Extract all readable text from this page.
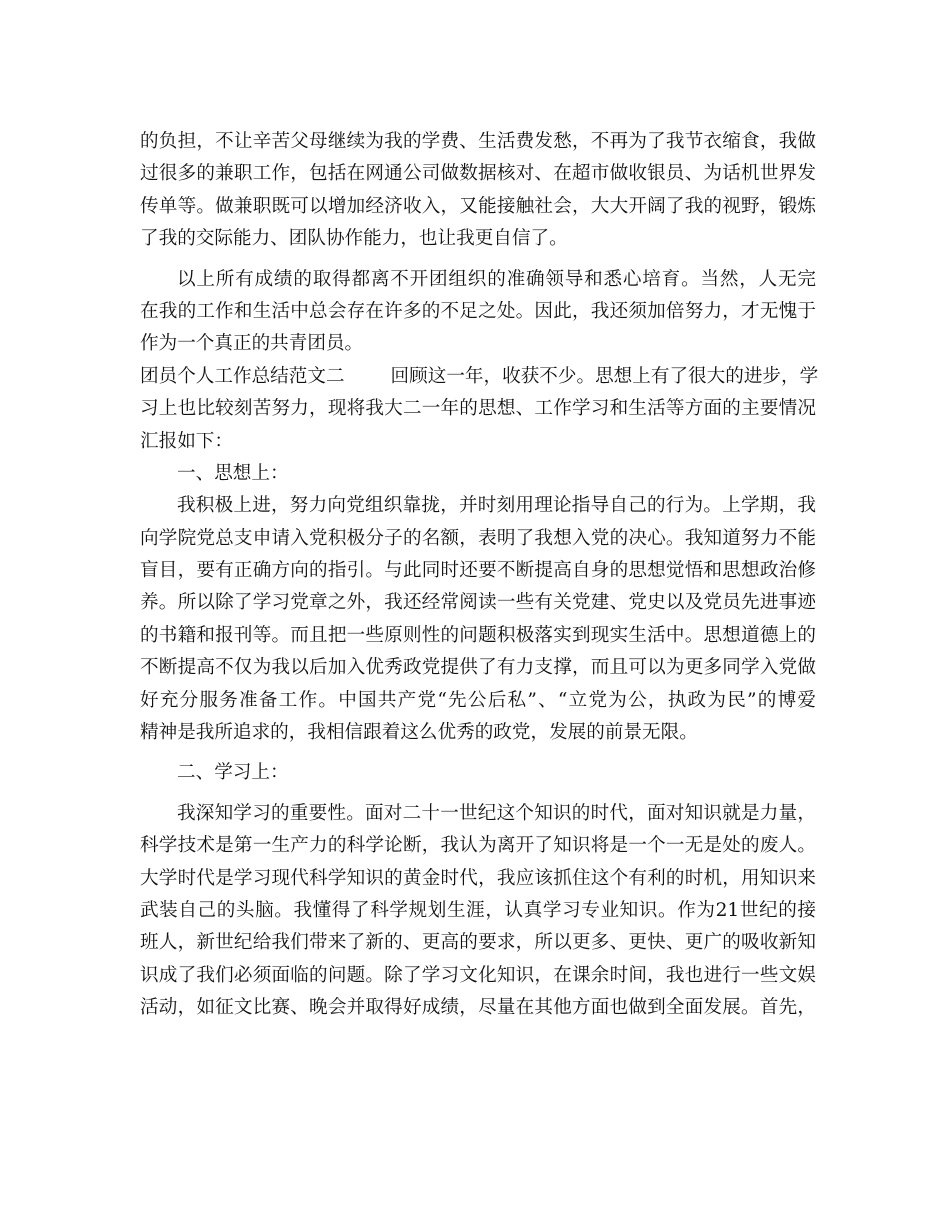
的负担，不让辛苦父母继续为我的学费、生活费发愁，不再为了我节衣缩食，我做
过很多的兼职工作，包括在网通公司做数据核对、在超市做收银员、为话机世界发
传单等。做兼职既可以增加经济收入，又能接触社会，大大开阔了我的视野，锻炼
了我的交际能力、团队协作能力，也让我更自信了。
以上所有成绩的取得都离不开团组织的准确领导和悉心培育。当然，人无完
在我的工作和生活中总会存在许多的不足之处。因此，我还须加倍努力，才无愧于
作为一个真正的共青团员。
团员个人工作总结范文二 回顾这一年，收获不少。思想上有了很大的进步，学
习上也比较刻苦努力，现将我大二一年的思想、工作学习和生活等方面的主要情况
汇报如下：
一、思想上：
我积极上进，努力向党组织靠拢，并时刻用理论指导自己的行为。上学期，我
向学院党总支申请入党积极分子的名额，表明了我想入党的决心。我知道努力不能
盲目，要有正确方向的指引。与此同时还要不断提高自身的思想觉悟和思想政治修
养。所以除了学习党章之外，我还经常阅读一些有关党建、党史以及党员先进事迹
的书籍和报刊等。而且把一些原则性的问题积极落实到现实生活中。思想道德上的
不断提高不仅为我以后加入优秀政党提供了有力支撑，而且可以为更多同学入党做
好充分服务准备工作。中国共产党“先公后私”、“立党为公，执政为民”的博爱
精神是我所追求的，我相信跟着这么优秀的政党，发展的前景无限。
二、学习上：
我深知学习的重要性。面对二十一世纪这个知识的时代，面对知识就是力量，
科学技术是第一生产力的科学论断，我认为离开了知识将是一个一无是处的废人。
大学时代是学习现代科学知识的黄金时代，我应该抓住这个有利的时机，用知识来
武装自己的头脑。我懂得了科学规划生涯，认真学习专业知识。作为21世纪的接
班人，新世纪给我们带来了新的、更高的要求，所以更多、更快、更广的吸收新知
识成了我们必须面临的问题。除了学习文化知识，在课余时间，我也进行一些文娱
活动，如征文比赛、晚会并取得好成绩，尽量在其他方面也做到全面发展。首先，
